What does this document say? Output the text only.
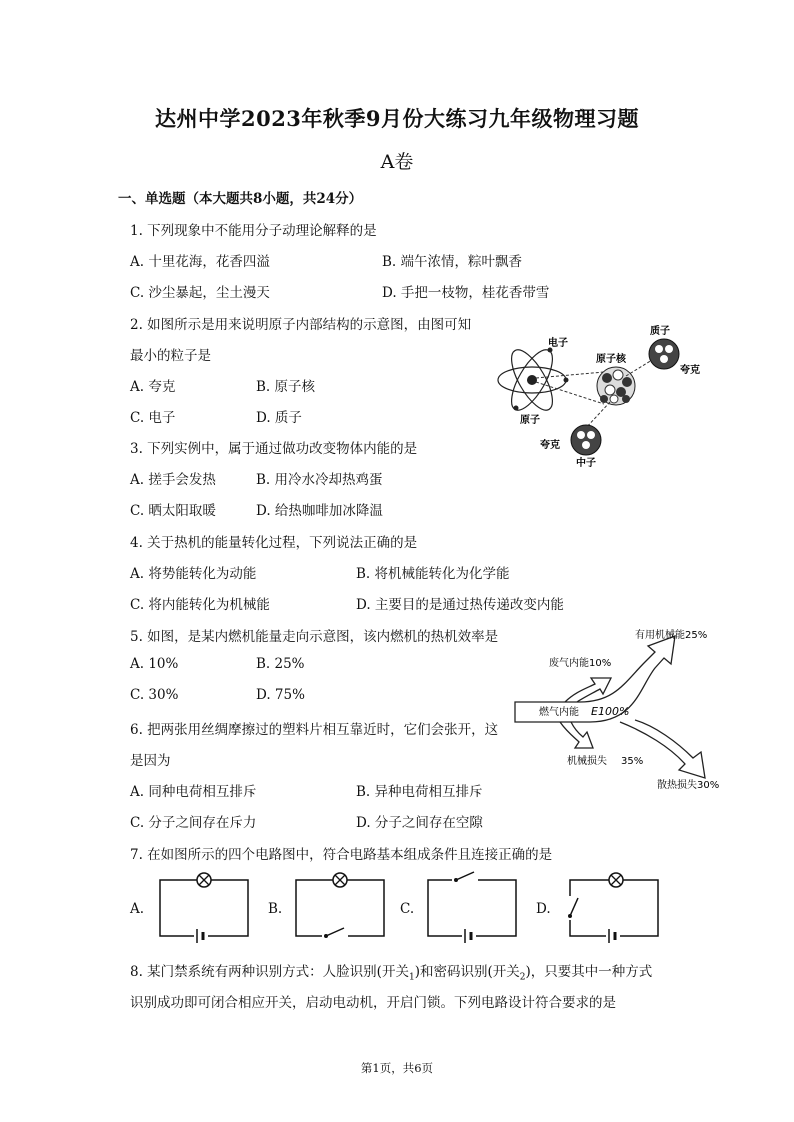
达州中学2023年秋季9月份大练习九年级物理习题
A卷
一、单选题（本大题共8小题，共24分）
1. 下列现象中不能用分子动理论解释的是
A. 十里花海，花香四溢	B. 端午浓情，粽叶飘香
C. 沙尘暴起，尘土漫天	D. 手把一枝物，桂花香带雪
2. 如图所示是用来说明原子内部结构的示意图，由图可知
最小的粒子是
A. 夸克	B. 原子核
C. 电子	D. 质子
电子
原子核
质子
夸克
原子
夸克
中子
3. 下列实例中，属于通过做功改变物体内能的是
A. 搓手会发热	B. 用冷水冷却热鸡蛋
C. 晒太阳取暖	D. 给热咖啡加冰降温
4. 关于热机的能量转化过程，下列说法正确的是
A. 将势能转化为动能	B. 将机械能转化为化学能
C. 将内能转化为机械能	D. 主要目的是通过热传递改变内能
5. 如图，是某内燃机能量走向示意图，该内燃机的热机效率是
A. 10%	B. 25%
C. 30%	D. 75%
有用机械能25%
废气内能10%
燃气内能 E100%
机械损失 35%
散热损失30%
6. 把两张用丝绸摩擦过的塑料片相互靠近时，它们会张开，这
是因为
A. 同种电荷相互排斥	B. 异种电荷相互排斥
C. 分子之间存在斥力	D. 分子之间存在空隙
7. 在如图所示的四个电路图中，符合电路基本组成条件且连接正确的是
A.	B.	C.	D.
8. 某门禁系统有两种识别方式：人脸识别(开关$_1$)和密码识别(开关$_2$)，只要其中一种方式
识别成功即可闭合相应开关，启动电动机，开启门锁。下列电路设计符合要求的是
第1页，共6页
